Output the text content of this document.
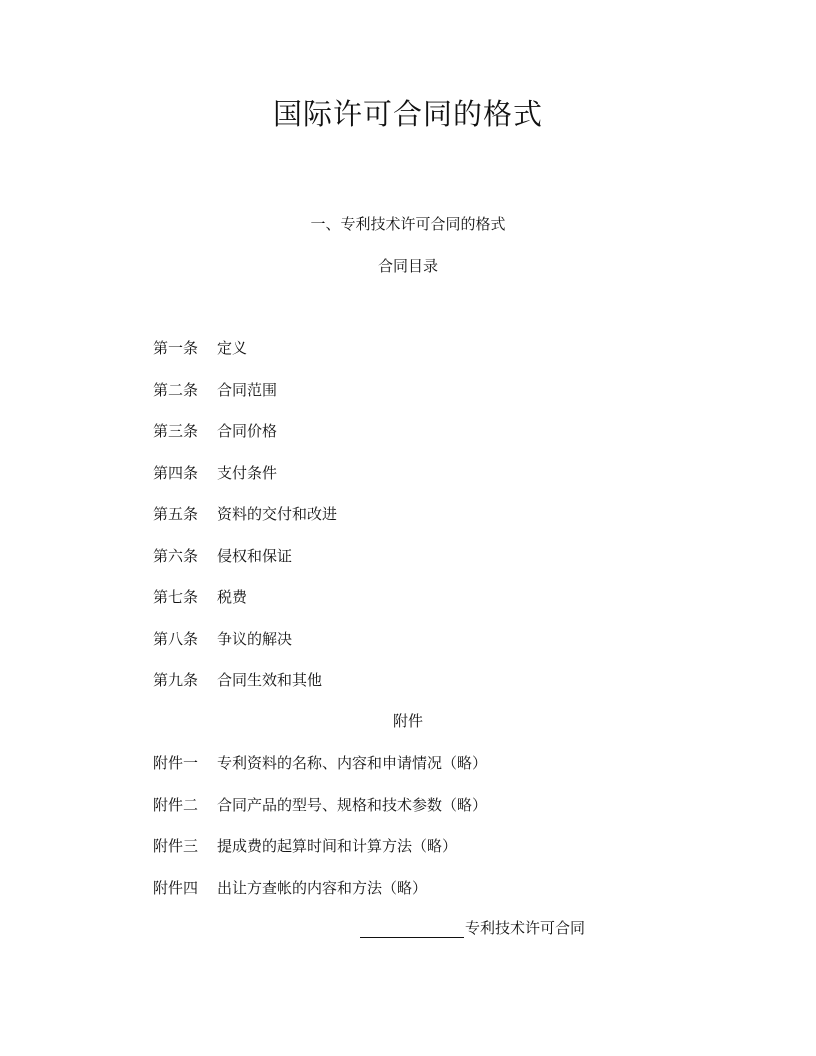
国际许可合同的格式
一、专利技术许可合同的格式
合同目录
第一条	定义
第二条	合同范围
第三条	合同价格
第四条	支付条件
第五条	资料的交付和改进
第六条	侵权和保证
第七条	税费
第八条	争议的解决
第九条	合同生效和其他
附件
附件一	专利资料的名称、内容和申请情况（略）
附件二	合同产品的型号、规格和技术参数（略）
附件三	提成费的起算时间和计算方法（略）
附件四	出让方查帐的内容和方法（略）
专利技术许可合同
